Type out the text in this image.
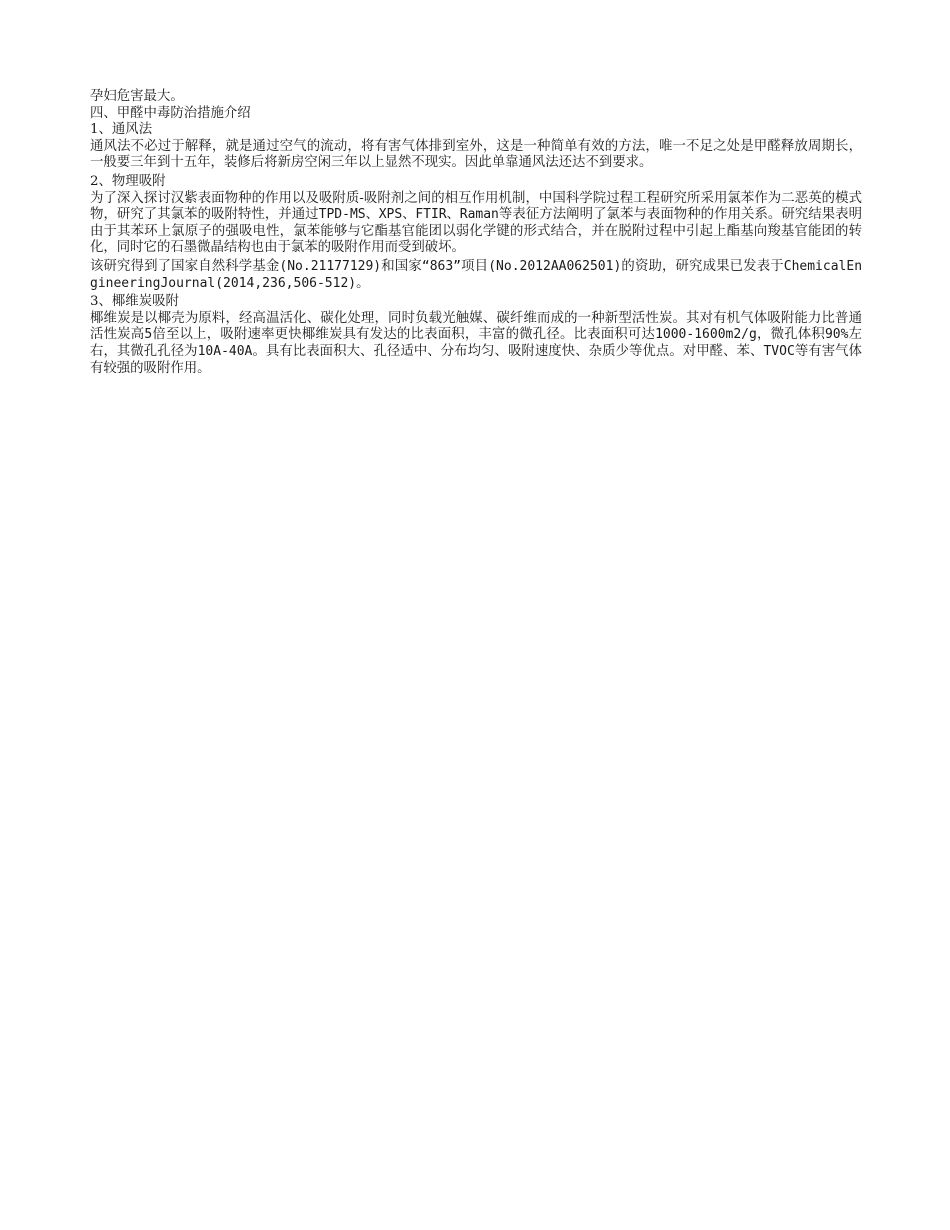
孕妇危害最大。

四、甲醛中毒防治措施介绍

1、通风法

通风法不必过于解释，就是通过空气的流动，将有害气体排到室外，这是一种简单有效的方法，唯一不足之处是甲醛释放周期长，一般要三年到十五年，装修后将新房空闲三年以上显然不现实。因此单靠通风法还达不到要求。

2、物理吸附

为了深入探讨汉紫表面物种的作用以及吸附质-吸附剂之间的相互作用机制，中国科学院过程工程研究所采用氯苯作为二恶英的模式物，研究了其氯苯的吸附特性，并通过TPD-MS、XPS、FTIR、Raman等表征方法阐明了氯苯与表面物种的作用关系。研究结果表明由于其苯环上氯原子的强吸电性，氯苯能够与它酯基官能团以弱化学键的形式结合，并在脱附过程中引起上酯基向羧基官能团的转化，同时它的石墨微晶结构也由于氯苯的吸附作用而受到破坏。

该研究得到了国家自然科学基金(No.21177129)和国家“863”项目(No.2012AA062501)的资助，研究成果已发表于ChemicalEngineeringJournal(2014,236,506-512)。

3、椰维炭吸附

椰维炭是以椰壳为原料，经高温活化、碳化处理，同时负载光触媒、碳纤维而成的一种新型活性炭。其对有机气体吸附能力比普通活性炭高5倍至以上，吸附速率更快椰维炭具有发达的比表面积，丰富的微孔径。比表面积可达1000-1600m2/g，微孔体积90%左右，其微孔孔径为10A-40A。具有比表面积大、孔径适中、分布均匀、吸附速度快、杂质少等优点。对甲醛、苯、TVOC等有害气体有较强的吸附作用。
